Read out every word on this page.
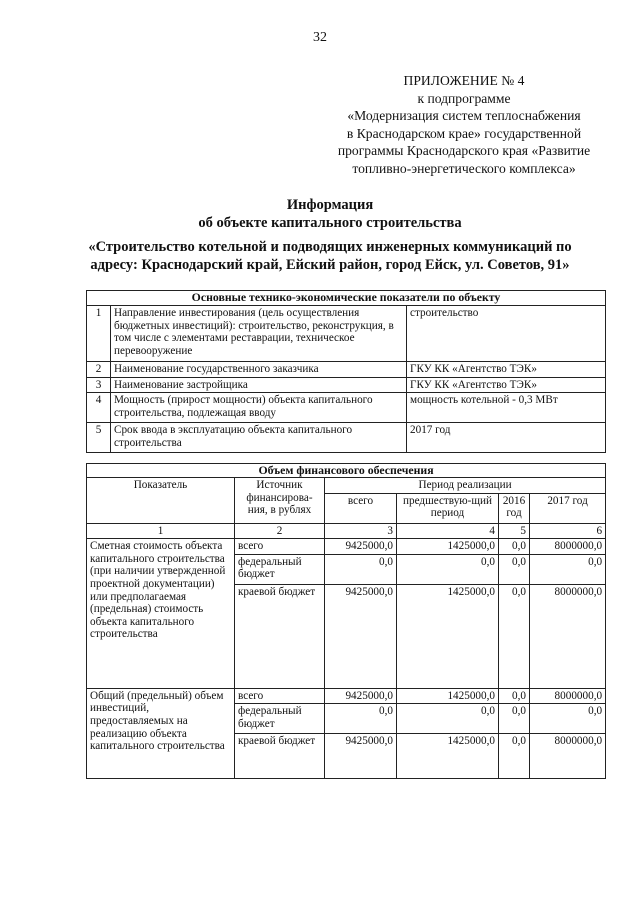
32
ПРИЛОЖЕНИЕ № 4
к подпрограмме
«Модернизация систем теплоснабжения
в Краснодарском крае» государственной
программы Краснодарского края «Развитие
топливно-энергетического комплекса»
Информация
об объекте капитального строительства
«Строительство котельной и подводящих инженерных коммуникаций по
адресу: Краснодарский край, Ейский район, город Ейск, ул. Советов, 91»
Основные технико-экономические показатели по объекту		
1	Направление инвестирования (цель осуществления бюджетных инвестиций): строительство, реконструкция, в том числе с элементами реставрации, техническое перевооружение	строительство
2	Наименование государственного заказчика	ГКУ КК «Агентство ТЭК»
3	Наименование застройщика	ГКУ КК «Агентство ТЭК»
4	Мощность (прирост мощности) объекта капитального строительства, подлежащая вводу	мощность котельной - 0,3 МВт
5	Срок ввода в эксплуатацию объекта капитального строительства	2017 год
Объем финансового обеспечения					
Показатель	Источник финансирова-ния, в рублях	Период реализации			
		всего	предшествую-щий период	2016 год	2017 год
1	2	3	4	5	6
Сметная стоимость объекта капитального строительства (при наличии утвержденной проектной документации) или предполагаемая (предельная) стоимость объекта капитального строительства	всего	9425000,0	1425000,0	0,0	8000000,0
	федеральный бюджет	0,0	0,0	0,0	0,0
	краевой бюджет	9425000,0	1425000,0	0,0	8000000,0
Общий (предельный) объем инвестиций, предоставляемых на реализацию объекта капитального строительства	всего	9425000,0	1425000,0	0,0	8000000,0
	федеральный бюджет	0,0	0,0	0,0	0,0
	краевой бюджет	9425000,0	1425000,0	0,0	8000000,0
